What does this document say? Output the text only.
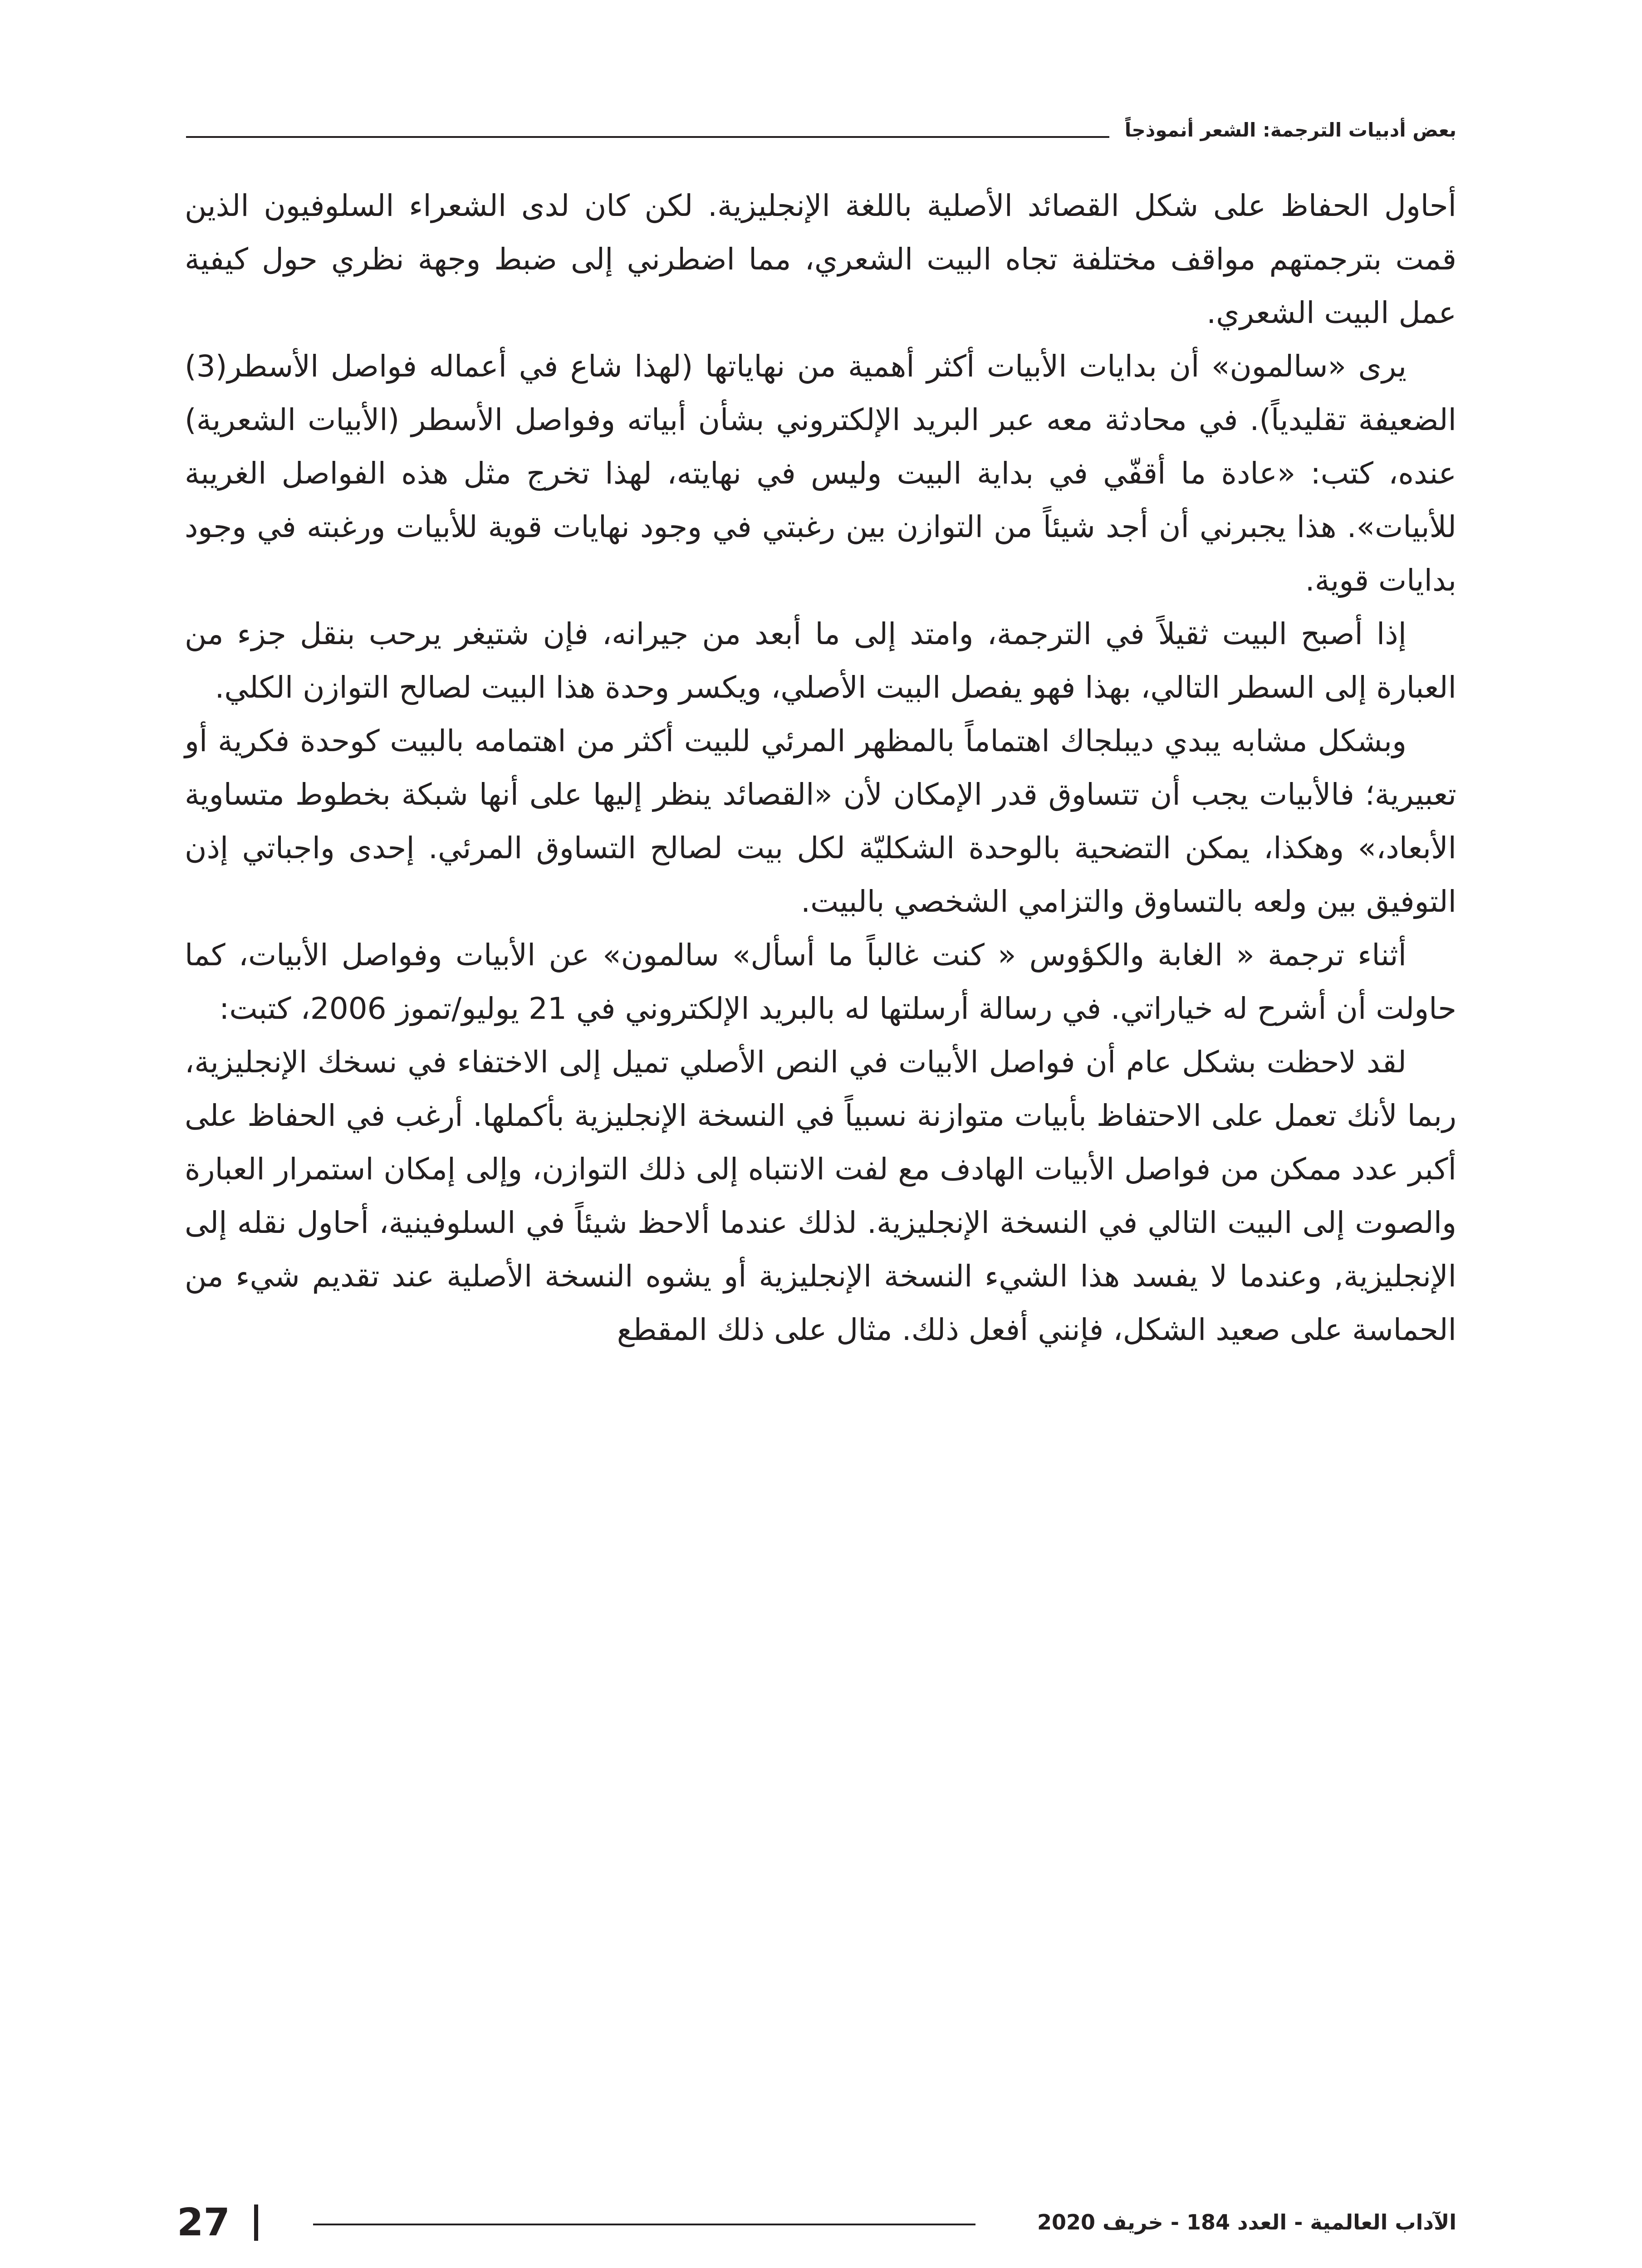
بعض أدبيات الترجمة: الشعر أنموذجاً

أحاول الحفاظ على شكل القصائد الأصلية باللغة الإنجليزية. لكن كان لدى الشعراء السلوفيون الذين قمت بترجمتهم مواقف مختلفة تجاه البيت الشعري، مما اضطرني إلى ضبط وجهة نظري حول كيفية عمل البيت الشعري.

يرى «سالمون» أن بدايات الأبيات أكثر أهمية من نهاياتها (لهذا شاع في أعماله فواصل الأسطر(3) الضعيفة تقليدياً). في محادثة معه عبر البريد الإلكتروني بشأن أبياته وفواصل الأسطر (الأبيات الشعرية) عنده، كتب: «عادة ما أقفّي في بداية البيت وليس في نهايته، لهذا تخرج مثل هذه الفواصل الغريبة للأبيات». هذا يجبرني أن أجد شيئاً من التوازن بين رغبتي في وجود نهايات قوية للأبيات ورغبته في وجود بدايات قوية.

إذا أصبح البيت ثقيلاً في الترجمة، وامتد إلى ما أبعد من جيرانه، فإن شتيغر يرحب بنقل جزء من العبارة إلى السطر التالي، بهذا فهو يفصل البيت الأصلي، ويكسر وحدة هذا البيت لصالح التوازن الكلي.

وبشكل مشابه يبدي ديبلجاك اهتماماً بالمظهر المرئي للبيت أكثر من اهتمامه بالبيت كوحدة فكرية أو تعبيرية؛ فالأبيات يجب أن تتساوق قدر الإمكان لأن «القصائد ينظر إليها على أنها شبكة بخطوط متساوية الأبعاد،» وهكذا، يمكن التضحية بالوحدة الشكليّة لكل بيت لصالح التساوق المرئي. إحدى واجباتي إذن التوفيق بين ولعه بالتساوق والتزامي الشخصي بالبيت.

أثناء ترجمة « الغابة والكؤوس « كنت غالباً ما أسأل» سالمون» عن الأبيات وفواصل الأبيات، كما حاولت أن أشرح له خياراتي. في رسالة أرسلتها له بالبريد الإلكتروني في 21 يوليو/تموز 2006، كتبت:

لقد لاحظت بشكل عام أن فواصل الأبيات في النص الأصلي تميل إلى الاختفاء في نسخك الإنجليزية، ربما لأنك تعمل على الاحتفاظ بأبيات متوازنة نسبياً في النسخة الإنجليزية بأكملها. أرغب في الحفاظ على أكبر عدد ممكن من فواصل الأبيات الهادف مع لفت الانتباه إلى ذلك التوازن، وإلى إمكان استمرار العبارة والصوت إلى البيت التالي في النسخة الإنجليزية. لذلك عندما ألاحظ شيئاً في السلوفينية، أحاول نقله إلى الإنجليزية, وعندما لا يفسد هذا الشيء النسخة الإنجليزية أو يشوه النسخة الأصلية عند تقديم شيء من الحماسة على صعيد الشكل، فإنني أفعل ذلك. مثال على ذلك المقطع

الآداب العالمية - العدد 184 - خريف 2020
27
